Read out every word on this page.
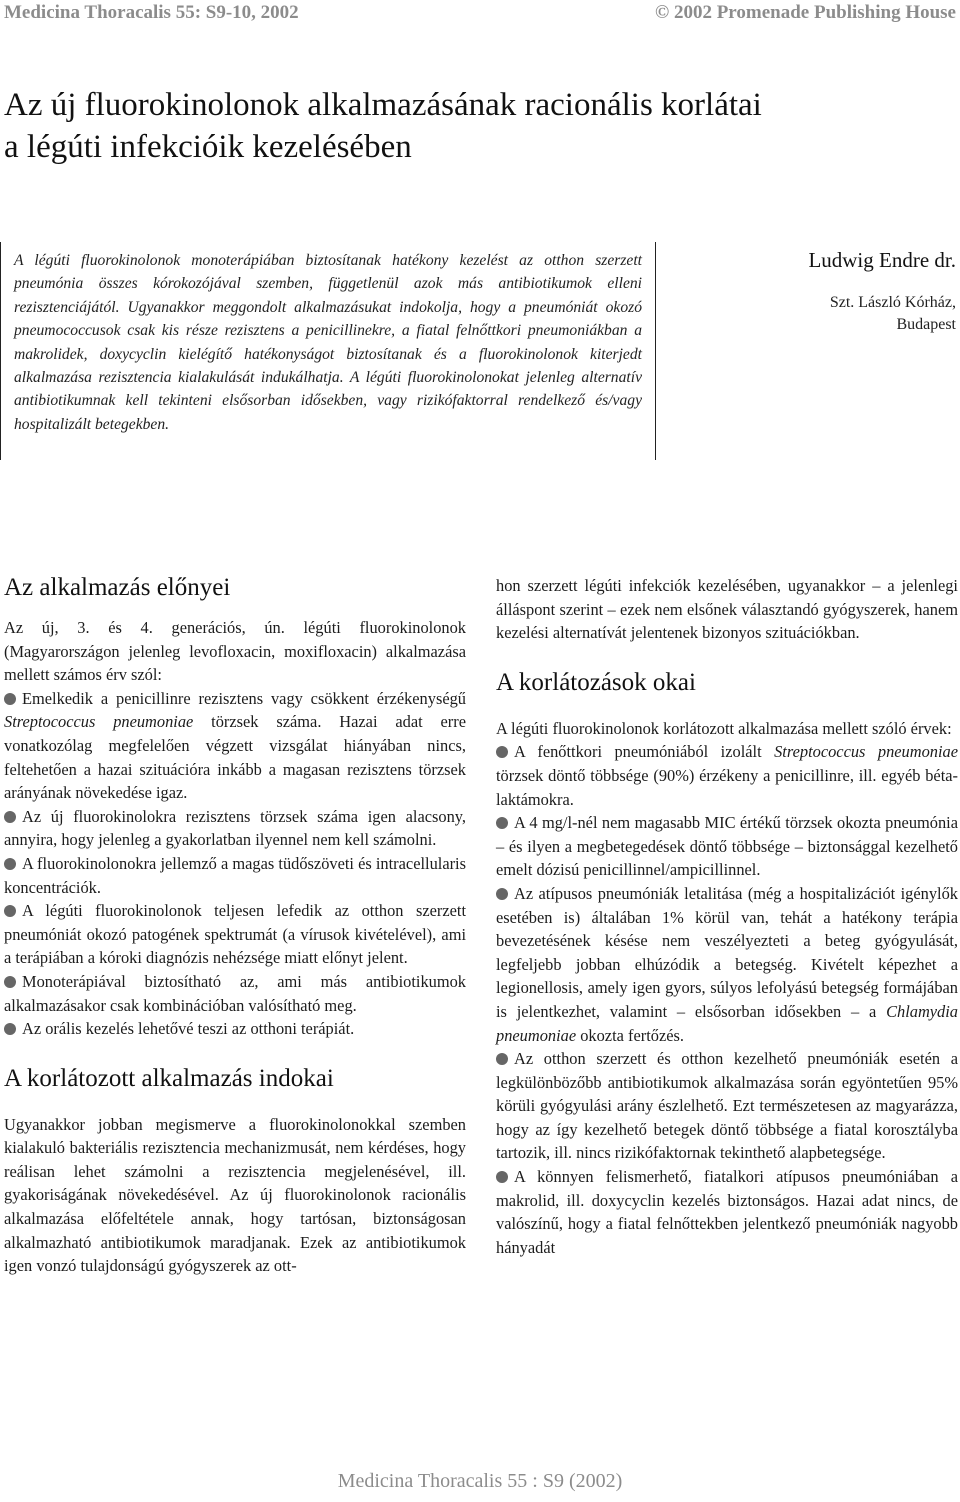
Medicina Thoracalis 55: S9-10, 2002	© 2002 Promenade Publishing House
Az új fluorokinolonok alkalmazásának racionális korlátai
a légúti infekcióik kezelésében

A légúti fluorokinolonok monoterápiában biztosítanak hatékony kezelést az otthon szerzett pneumónia összes kórokozójával szemben, függetlenül azok más antibiotikumok elleni rezisztenciájától. Ugyanakkor meggondolt alkalmazásukat indokolja, hogy a pneumóniát okozó pneumococcusok csak kis része rezisztens a penicillinekre, a fiatal felnőttkori pneumoniákban a makrolidek, doxycyclin kielégítő hatékonyságot biztosítanak és a fluorokinolonok kiterjedt alkalmazása rezisztencia kialakulását indukálhatja. A légúti fluorokinolonokat jelenleg alternatív antibiotikumnak kell tekinteni elsősorban idősekben, vagy rizikófaktorral rendelkező és/vagy hospitalizált betegekben.

Ludwig Endre dr.
Szt. László Kórház,
Budapest
Az alkalmazás előnyei

Az új, 3. és 4. generációs, ún. légúti fluorokinolonok (Magyarországon jelenleg levofloxacin, moxifloxacin) alkalmazása mellett számos érv szól:

Emelkedik a penicillinre rezisztens vagy csökkent érzékenységű Streptococcus pneumoniae törzsek száma. Hazai adat erre vonatkozólag megfelelően végzett vizsgálat hiányában nincs, feltehetően a hazai szituációra inkább a magasan rezisztens törzsek arányának növekedése igaz.

Az új fluorokinolokra rezisztens törzsek száma igen alacsony, annyira, hogy jelenleg a gyakorlatban ilyennel nem kell számolni.

A fluorokinolonokra jellemző a magas tüdőszöveti és intracellularis koncentrációk.

A légúti fluorokinolonok teljesen lefedik az otthon szerzett pneumóniát okozó patogének spektrumát (a vírusok kivételével), ami a terápiában a kóroki diagnózis nehézsége miatt előnyt jelent.

Monoterápiával biztosítható az, ami más antibiotikumok alkalmazásakor csak kombinációban valósítható meg.

Az orális kezelés lehetővé teszi az otthoni terápiát.

A korlátozott alkalmazás indokai

Ugyanakkor jobban megismerve a fluorokinolonokkal szemben kialakuló bakteriális rezisztencia mechanizmusát, nem kérdéses, hogy reálisan lehet számolni a rezisztencia megjelenésével, ill. gyakoriságának növekedésével. Az új fluorokinolonok racionális alkalmazása előfeltétele annak, hogy tartósan, biztonságosan alkalmazható antibiotikumok maradjanak. Ezek az antibiotikumok igen vonzó tulajdonságú gyógyszerek az ott-

hon szerzett légúti infekciók kezelésében, ugyanakkor – a jelenlegi álláspont szerint – ezek nem elsőnek választandó gyógyszerek, hanem kezelési alternatívát jelentenek bizonyos szituációkban.

A korlátozások okai

A légúti fluorokinolonok korlátozott alkalmazása mellett szóló érvek:

A fenőttkori pneumóniából izolált Streptococcus pneumoniae törzsek döntő többsége (90%) érzékeny a penicillinre, ill. egyéb béta-laktámokra.

A 4 mg/l-nél nem magasabb MIC értékű törzsek okozta pneumónia – és ilyen a megbetegedések döntő többsége – biztonsággal kezelhető emelt dózisú penicillinnel/ampicillinnel.

Az atípusos pneumóniák letalitása (még a hospitalizációt igénylők esetében is) általában 1% körül van, tehát a hatékony terápia bevezetésének késése nem veszélyezteti a beteg gyógyulását, legfeljebb jobban elhúzódik a betegség. Kivételt képezhet a legionellosis, amely igen gyors, súlyos lefolyású betegség formájában is jelentkezhet, valamint – elsősorban idősekben – a Chlamydia pneumoniae okozta fertőzés.

Az otthon szerzett és otthon kezelhető pneumóniák esetén a legkülönbözőbb antibiotikumok alkalmazása során egyöntetűen 95% körüli gyógyulási arány észlelhető. Ezt természetesen az magyarázza, hogy az így kezelhető betegek döntő többsége a fiatal korosztályba tartozik, ill. nincs rizikófaktornak tekinthető alapbetegsége.

A könnyen felismerhető, fiatalkori atípusos pneumóniában a makrolid, ill. doxycyclin kezelés biztonságos. Hazai adat nincs, de valószínű, hogy a fiatal felnőttekben jelentkező pneumóniák nagyobb hányadát

Medicina Thoracalis 55 : S9 (2002)
